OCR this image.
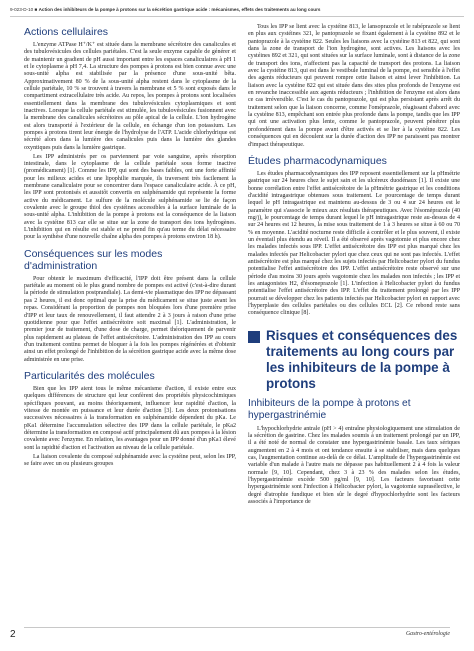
9-023-D-10 ■ Action des inhibiteurs de la pompe à protons sur la sécrétion gastrique acide : mécanismes, effets des traitements au long cours
Actions cellulaires

L'enzyme ATPase H⁺/K⁺ est située dans la membrane sécrétoire des canalicules et des tubulovésicules des cellules pariétales. C'est la seule enzyme capable de générer et de maintenir un gradient de pH aussi important entre les espaces canaliculaires à pH 1 et le cytoplasme à pH 7,4. La structure des pompes à protons est bien connue avec une sous-unité alpha est stabilisée par la présence d'une sous-unité bêta. Approximativement 80 % de la sous-unité alpha restent dans le cytoplasme de la cellule pariétale, 10 % se trouvent à travers la membrane et 5 % sont exposés dans le compartiment extracellulaire très acide. Au repos, les pompes à protons sont localisées essentiellement dans la membrane des tubulovésicules cytoplasmiques et sont inactives. Lorsque la cellule pariétale est stimulée, les tubulovésicules fusionnent avec la membrane des canalicules sécrétoires au pôle apical de la cellule. L'ion hydrogène est alors transporté à l'extérieur de la cellule, en échange d'un ion potassium. Les pompes à protons tirent leur énergie de l'hydrolyse de l'ATP. L'acide chlorhydrique est sécrété alors dans la lumière des canalicules puis dans la lumière des glandes oxyntiques puis dans la lumière gastrique.

Les IPP administrés per os parviennent par voie sanguine, après résorption intestinale, dans le cytoplasme de la cellule pariétale sous forme inactive (promédicament) [1]. Comme les IPP, qui sont des bases faibles, ont une forte affinité pour les milieux acides et une lipophilie marquée, ils traversent très facilement la membrane canaliculaire pour se concentrer dans l'espace canaliculaire acide. À ce pH, les IPP sont protonisés et aussitôt convertis en sulphénamide qui représente la forme active du médicament. Le sulfure de la molécule sulphénamide se lie de façon covalente avec le groupe thiol des cystéines accessibles à la surface luminale de la sous-unité alpha. L'inhibition de la pompe à protons est la conséquence de la liaison avec la cystéine 813 car elle se situe sur la zone de transport des ions hydrogènes. L'inhibition qui en résulte est stable et ne prend fin qu'au terme du délai nécessaire pour la synthèse d'une nouvelle chaîne alpha des pompes à protons environ 18 h).

Conséquences sur les modes d'administration

Pour obtenir le maximum d'efficacité, l'IPP doit être présent dans la cellule pariétale au moment où le plus grand nombre de pompes est activé (c'est-à-dire durant la période de stimulation postprandiale). La demi-vie plasmatique des IPP ne dépassant pas 2 heures, il est donc optimal que la prise du médicament se situe juste avant les repas. Considérant la proportion de pompes non bloquées lors d'une première prise d'IPP et leur taux de renouvellement, il faut attendre 2 à 3 jours à raison d'une prise quotidienne pour que l'effet antisécrétoire soit maximal [1]. L'administration, le premier jour de traitement, d'une dose de charge, permet théoriquement de parvenir plus rapidement au plateau de l'effet antisécrétoire. L'administration des IPP au cours d'un traitement continu permet de bloquer à la fois les pompes régénérées et d'obtenir ainsi un effet prolongé de l'inhibition de la sécrétion gastrique acide avec la même dose administrée en une prise.

Particularités des molécules

Bien que les IPP aient tous le même mécanisme d'action, il existe entre eux quelques différences de structure qui leur confèrent des propriétés physicochimiques spécifiques pouvant, au moins théoriquement, influencer leur rapidité d'action, la vitesse de montée en puissance et leur durée d'action [3]. Les deux protonisations successives nécessaires à la transformation en sulphénamide dépendent du pKa. Le pKa1 détermine l'accumulation sélective des IPP dans la cellule pariétale, le pKa2 détermine la transformation en composé actif principalement dû aux pompes à la lésion covalente avec l'enzyme. En relation, les avantages pour un IPP donné d'un pKa1 élevé sont la rapidité d'action et l'activation au niveau de la cellule pariétale.

La liaison covalente du composé sulphénamide avec la cystéine peut, selon les IPP, se faire avec un ou plusieurs groupes

Tous les IPP se lient avec la cystéine 813, le lansoprazole et le rabéprazole se lient en plus aux cystéines 321, le pantoprazole se fixant également à la cystéine 892 et le pantoprazole à la cystéine 822. Seules les liaisons avec la cystéine 813 et 822, qui sont dans la zone de transport de l'ion hydrogène, sont actives. Les liaisons avec les cystéines 892 et 321, qui sont situées sur la surface luminale, sont à distance de la zone de transport des ions, n'affectent pas la capacité de transport des protons. La liaison avec la cystéine 813, qui est dans le vestibule luminal de la pompe, est sensible à l'effet des agents réducteurs qui peuvent rompre cette liaison et ainsi lever l'inhibition. La liaison avec la cystéine 822 qui est située dans des sites plus profonds de l'enzyme est en revanche inaccessible aux agents réducteurs ; l'inhibition de l'enzyme est alors dans ce cas irréversible. C'est le cas du pantoprazole, qui est plus persistant après arrêt du traitement selon que la liaison concerne, comme l'oméprazole, réagissant d'abord avec la cystéine 813, empêchant son entrée plus profonde dans la pompe, tandis que les IPP qui ont une activation plus lente, comme le pantoprazole, peuvent pénétrer plus profondément dans la pompe avant d'être activés et se lier à la cystéine 822. Les conséquences qui en découlent sur la durée d'action des IPP ne paraissent pas montrer d'impact thérapeutique.

Études pharmacodynamiques

Les études pharmacodynamiques des IPP reposent essentiellement sur la pHmétrie gastrique sur 24 heures chez le sujet sain et les ulcéreux duodénaux [1]. Il existe une bonne corrélation entre l'effet antisécrétoire de la pHmétrie gastrique et les conditions d'acidité intragastrique obtenues sous traitement. Le pourcentage de temps durant lequel le pH intragastrique est maintenu au-dessus de 3 ou 4 sur 24 heures est le paramètre qui s'associe le mieux aux résultats thérapeutiques. Avec l'ésoméprazole (40 mg/j), le pourcentage de temps durant lequel le pH intragastrique reste au-dessus de 4 sur 24 heures est 12 heures, la mise sous traitement de 1 à 3 heures se situe à 60 ou 70 % en moyenne. L'acidité nocturne reste difficile à contrôler et le plus souvent, il existe un éventail plus étendu au réveil. Il a été observé après vagotomie et plus encore chez les malades infectés sous IPP. L'effet antisécrétoire des IPP est plus marqué chez les malades infectés par Helicobacter pylori que chez ceux qui ne sont pas infectés. L'effet antisécrétoire est plus marqué chez les sujets infectés par Helicobacter pylori du fundus potentialise l'effet antisécrétoire des IPP. L'effet antisécrétoire reste observé sur une période d'au moins 30 jours après vagotomie chez les malades non infectés ; les IPP et les antagonistes H2, d'ésomeprazole [1]. L'infection à Helicobacter pylori du fundus potentialise l'effet antisécrétoire des IPP. L'effet du traitement prolongé par les IPP pourrait se développer chez les patients infectés par Helicobacter pylori en rapport avec l'hyperplasie des cellules pariétales ou des cellules ECL [2]. Ce rebond reste sans conséquence clinique [8].

Risques et conséquences des traitements au long cours par les inhibiteurs de la pompe à protons
Inhibiteurs de la pompe à protons et hypergastrinémie

L'hypochlorhydrie antrale (pH > 4) entraîne physiologiquement une stimulation de la sécrétion de gastrine. Chez les malades soumis à un traitement prolongé par un IPP, il a été noté de normal de constater une hypergastrinémie basale. Les taux sériques augmentent en 2 à 4 mois et ont tendance ensuite à se stabiliser, mais dans quelques cas, l'augmentation continue au-delà de ce délai. L'amplitude de l'hypergastrinémie est variable d'un malade à l'autre mais ne dépasse pas habituellement 2 à 4 fois la valeur normale [9, 10]. Cependant, chez 3 à 23 % des malades selon les études, l'hypergastrinémie excède 500 pg/ml [9, 10]. Les facteurs favorisant cette hypergastrinémie sont l'infection à Helicobacter pylori, la vagotomie suprasélective, le degré d'atrophie fundique et bien sûr le degré d'hypochlorhydrie sont les facteurs associés à l'importance de

2	Gastro-entérologie
